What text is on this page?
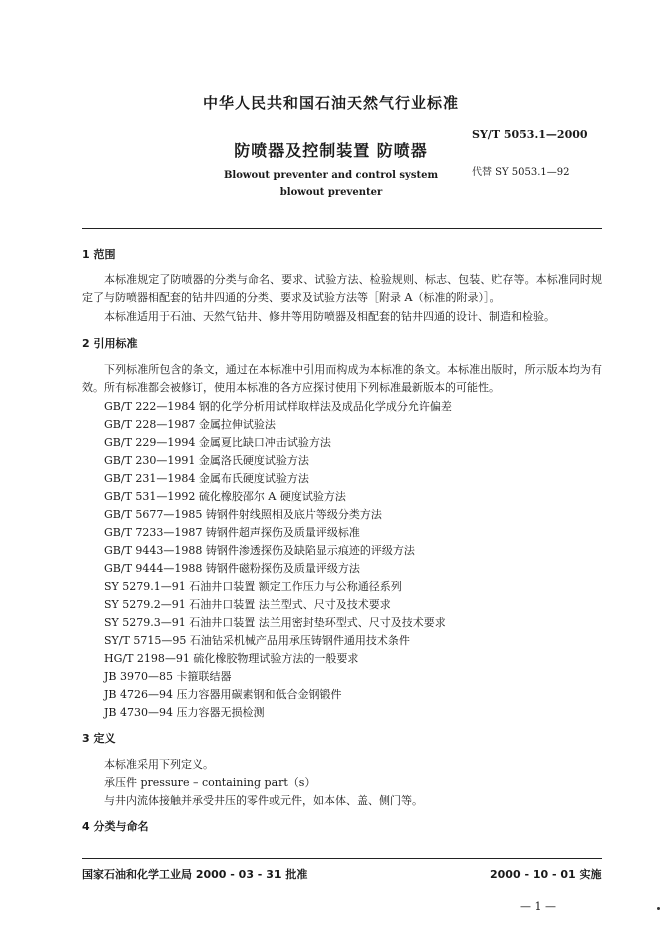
中华人民共和国石油天然气行业标准
SY/T 5053.1—2000
防喷器及控制装置 防喷器
代替 SY 5053.1—92
Blowout preventer and control system
blowout preventer
1 范围
本标准规定了防喷器的分类与命名、要求、试验方法、检验规则、标志、包装、贮存等。本标准同时规定了与防喷器相配套的钻井四通的分类、要求及试验方法等［附录 A（标准的附录）］。
本标准适用于石油、天然气钻井、修井等用防喷器及相配套的钻井四通的设计、制造和检验。
2 引用标准
下列标准所包含的条文，通过在本标准中引用而构成为本标准的条文。本标准出版时，所示版本均为有效。所有标准都会被修订，使用本标准的各方应探讨使用下列标准最新版本的可能性。
GB/T 222—1984 钢的化学分析用试样取样法及成品化学成分允许偏差
GB/T 228—1987 金属拉伸试验法
GB/T 229—1994 金属夏比缺口冲击试验方法
GB/T 230—1991 金属洛氏硬度试验方法
GB/T 231—1984 金属布氏硬度试验方法
GB/T 531—1992 硫化橡胶邵尔 A 硬度试验方法
GB/T 5677—1985 铸钢件射线照相及底片等级分类方法
GB/T 7233—1987 铸钢件超声探伤及质量评级标准
GB/T 9443—1988 铸钢件渗透探伤及缺陷显示痕迹的评级方法
GB/T 9444—1988 铸钢件磁粉探伤及质量评级方法
SY 5279.1—91 石油井口装置 额定工作压力与公称通径系列
SY 5279.2—91 石油井口装置 法兰型式、尺寸及技术要求
SY 5279.3—91 石油井口装置 法兰用密封垫环型式、尺寸及技术要求
SY/T 5715—95 石油钻采机械产品用承压铸钢件通用技术条件
HG/T 2198—91 硫化橡胶物理试验方法的一般要求
JB 3970—85 卡箍联结器
JB 4726—94 压力容器用碳素钢和低合金钢锻件
JB 4730—94 压力容器无损检测
3 定义
本标准采用下列定义。
承压件 pressure – containing part（s）
与井内流体接触并承受井压的零件或元件，如本体、盖、侧门等。
4 分类与命名
国家石油和化学工业局 2000 - 03 - 31 批准	2000 - 10 - 01 实施
— 1 —
